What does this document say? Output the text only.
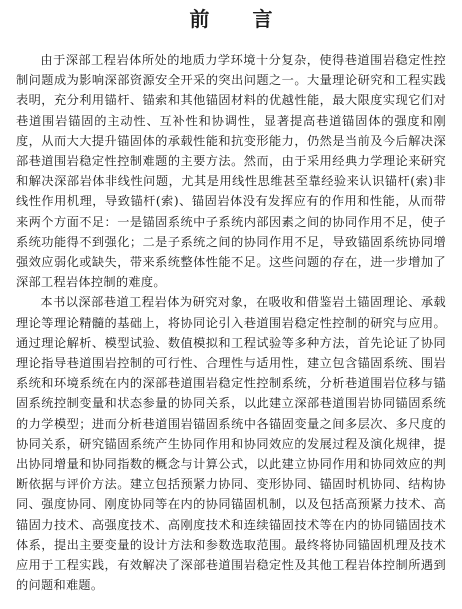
前 言

由于深部工程岩体所处的地质力学环境十分复杂，使得巷道围岩稳定性控制问题成为影响深部资源安全开采的突出问题之一。大量理论研究和工程实践表明，充分利用锚杆、锚索和其他锚固材料的优越性能，最大限度实现它们对巷道围岩锚固的主动性、互补性和协调性，显著提高巷道锚固体的强度和刚度，从而大大提升锚固体的承载性能和抗变形能力，仍然是当前及今后解决深部巷道围岩稳定性控制难题的主要方法。然而，由于采用经典力学理论来研究和解决深部岩体非线性问题，尤其是用线性思维甚至靠经验来认识锚杆(索)非线性作用机理，导致锚杆(索)、锚固岩体没有发挥应有的作用和性能，从而带来两个方面不足：一是锚固系统中子系统内部因素之间的协同作用不足，使子系统功能得不到强化；二是子系统之间的协同作用不足，导致锚固系统协同增强效应弱化或缺失，带来系统整体性能不足。这些问题的存在，进一步增加了深部工程岩体控制的难度。

本书以深部巷道工程岩体为研究对象，在吸收和借鉴岩土锚固理论、承载理论等理论精髓的基础上，将协同论引入巷道围岩稳定性控制的研究与应用。通过理论解析、模型试验、数值模拟和工程试验等多种方法，首先论证了协同理论指导巷道围岩控制的可行性、合理性与适用性，建立包含锚固系统、围岩系统和环境系统在内的深部巷道围岩稳定性控制系统，分析巷道围岩位移与锚固系统控制变量和状态参量的协同关系，以此建立深部巷道围岩协同锚固系统的力学模型；进而分析巷道围岩锚固系统中各锚固变量之间多层次、多尺度的协同关系，研究锚固系统产生协同作用和协同效应的发展过程及演化规律，提出协同增量和协同指数的概念与计算公式，以此建立协同作用和协同效应的判断依据与评价方法。建立包括预紧力协同、变形协同、锚固时机协同、结构协同、强度协同、刚度协同等在内的协同锚固机制，以及包括高预紧力技术、高锚固力技术、高强度技术、高刚度技术和连续锚固技术等在内的协同锚固技术体系，提出主要变量的设计方法和参数选取范围。最终将协同锚固机理及技术应用于工程实践，有效解决了深部巷道围岩稳定性及其他工程岩体控制所遇到的问题和难题。
